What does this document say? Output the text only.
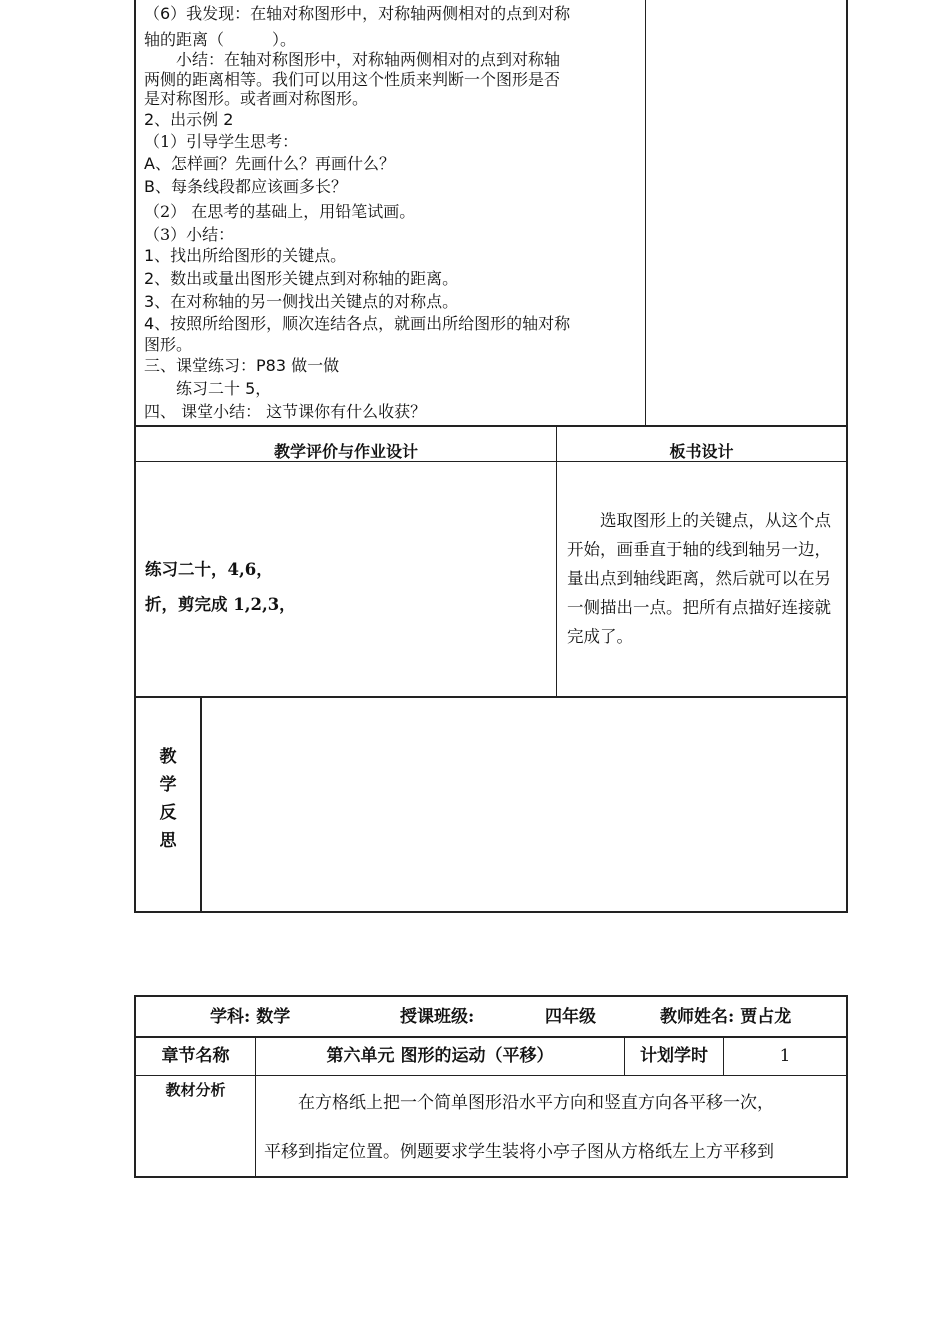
（6）我发现：在轴对称图形中，对称轴两侧相对的点到对称
轴的距离（　　　）。
　　小结：在轴对称图形中，对称轴两侧相对的点到对称轴
两侧的距离相等。我们可以用这个性质来判断一个图形是否
是对称图形。或者画对称图形。
2、出示例 2
（1）引导学生思考：
A、怎样画？先画什么？再画什么？
B、每条线段都应该画多长？
（2） 在思考的基础上，用铅笔试画。
（3）小结：
1、找出所给图形的关键点。
2、数出或量出图形关键点到对称轴的距离。
3、在对称轴的另一侧找出关键点的对称点。
4、按照所给图形，顺次连结各点，就画出所给图形的轴对称
图形。
三、课堂练习：P83 做一做
　　练习二十 5，
四、 课堂小结： 这节课你有什么收获？
教学评价与作业设计	板书设计
练习二十，4,6，
折，剪完成 1,2,3，
　　选取图形上的关键点，从这个点开始，画垂直于轴的线到轴另一边，量出点到轴线距离，然后就可以在另一侧描出一点。把所有点描好连接就完成了。
教
学
反
思
学科: 数学	授课班级:	四年级	教师姓名: 贾占龙
章节名称	第六单元 图形的运动（平移）	计划学时	1
教材分析
　　在方格纸上把一个简单图形沿水平方向和竖直方向各平移一次，
平移到指定位置。例题要求学生装将小亭子图从方格纸左上方平移到
